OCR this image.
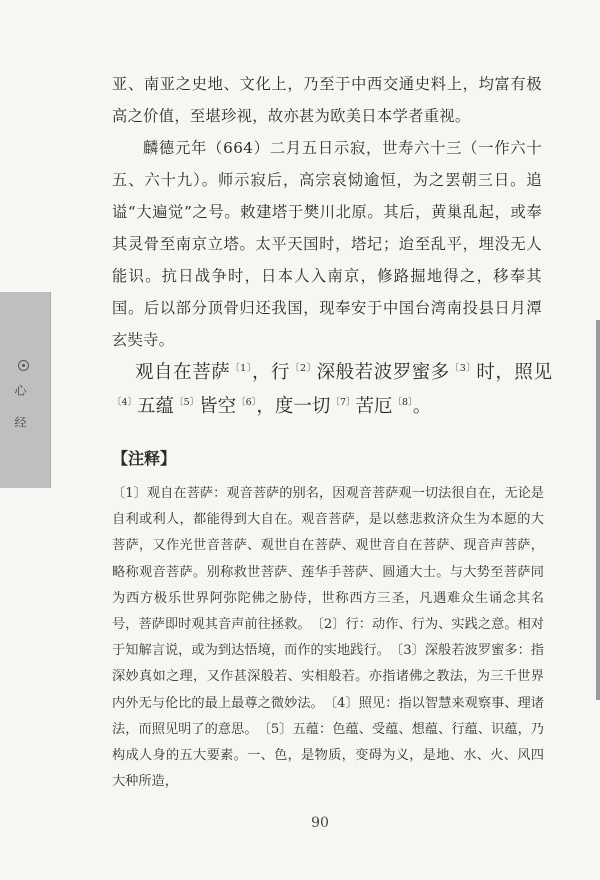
心 经

亚、南亚之史地、文化上，乃至于中西交通史料上，均富有极高之价值，至堪珍视，故亦甚为欧美日本学者重视。

麟德元年（664）二月五日示寂，世寿六十三（一作六十五、六十九）。师示寂后，高宗哀恸逾恒，为之罢朝三日。追谥“大遍觉”之号。敕建塔于樊川北原。其后，黄巢乱起，或奉其灵骨至南京立塔。太平天国时，塔圮；迨至乱平，埋没无人能识。抗日战争时，日本人入南京，修路掘地得之，移奉其国。后以部分顶骨归还我国，现奉安于中国台湾南投县日月潭玄奘寺。

观自在菩萨$^{〔1〕}$，行$^{〔2〕}$深般若波罗蜜多$^{〔3〕}$时，照见$^{〔4〕}$五蕴$^{〔5〕}$皆空$^{〔6〕}$，度一切$^{〔7〕}$苦厄$^{〔8〕}$。

【注释】

〔1〕观自在菩萨：观音菩萨的别名，因观音菩萨观一切法很自在，无论是自利或利人，都能得到大自在。观音菩萨，是以慈悲救济众生为本愿的大菩萨，又作光世音菩萨、观世自在菩萨、观世音自在菩萨、现音声菩萨，略称观音菩萨。别称救世菩萨、莲华手菩萨、圆通大士。与大势至菩萨同为西方极乐世界阿弥陀佛之胁侍，世称西方三圣，凡遇难众生诵念其名号，菩萨即时观其音声前往拯救。　〔2〕行：动作、行为、实践之意。相对于知解言说，或为到达悟境，而作的实地践行。　〔3〕深般若波罗蜜多：指深妙真如之理，又作甚深般若、实相般若。亦指诸佛之教法，为三千世界内外无与伦比的最上最尊之微妙法。　〔4〕照见：指以智慧来观察事、理诸法，而照见明了的意思。　〔5〕五蕴：色蕴、受蕴、想蕴、行蕴、识蕴，乃构成人身的五大要素。一、色，是物质，变碍为义，是地、水、火、风四大种所造，

90
